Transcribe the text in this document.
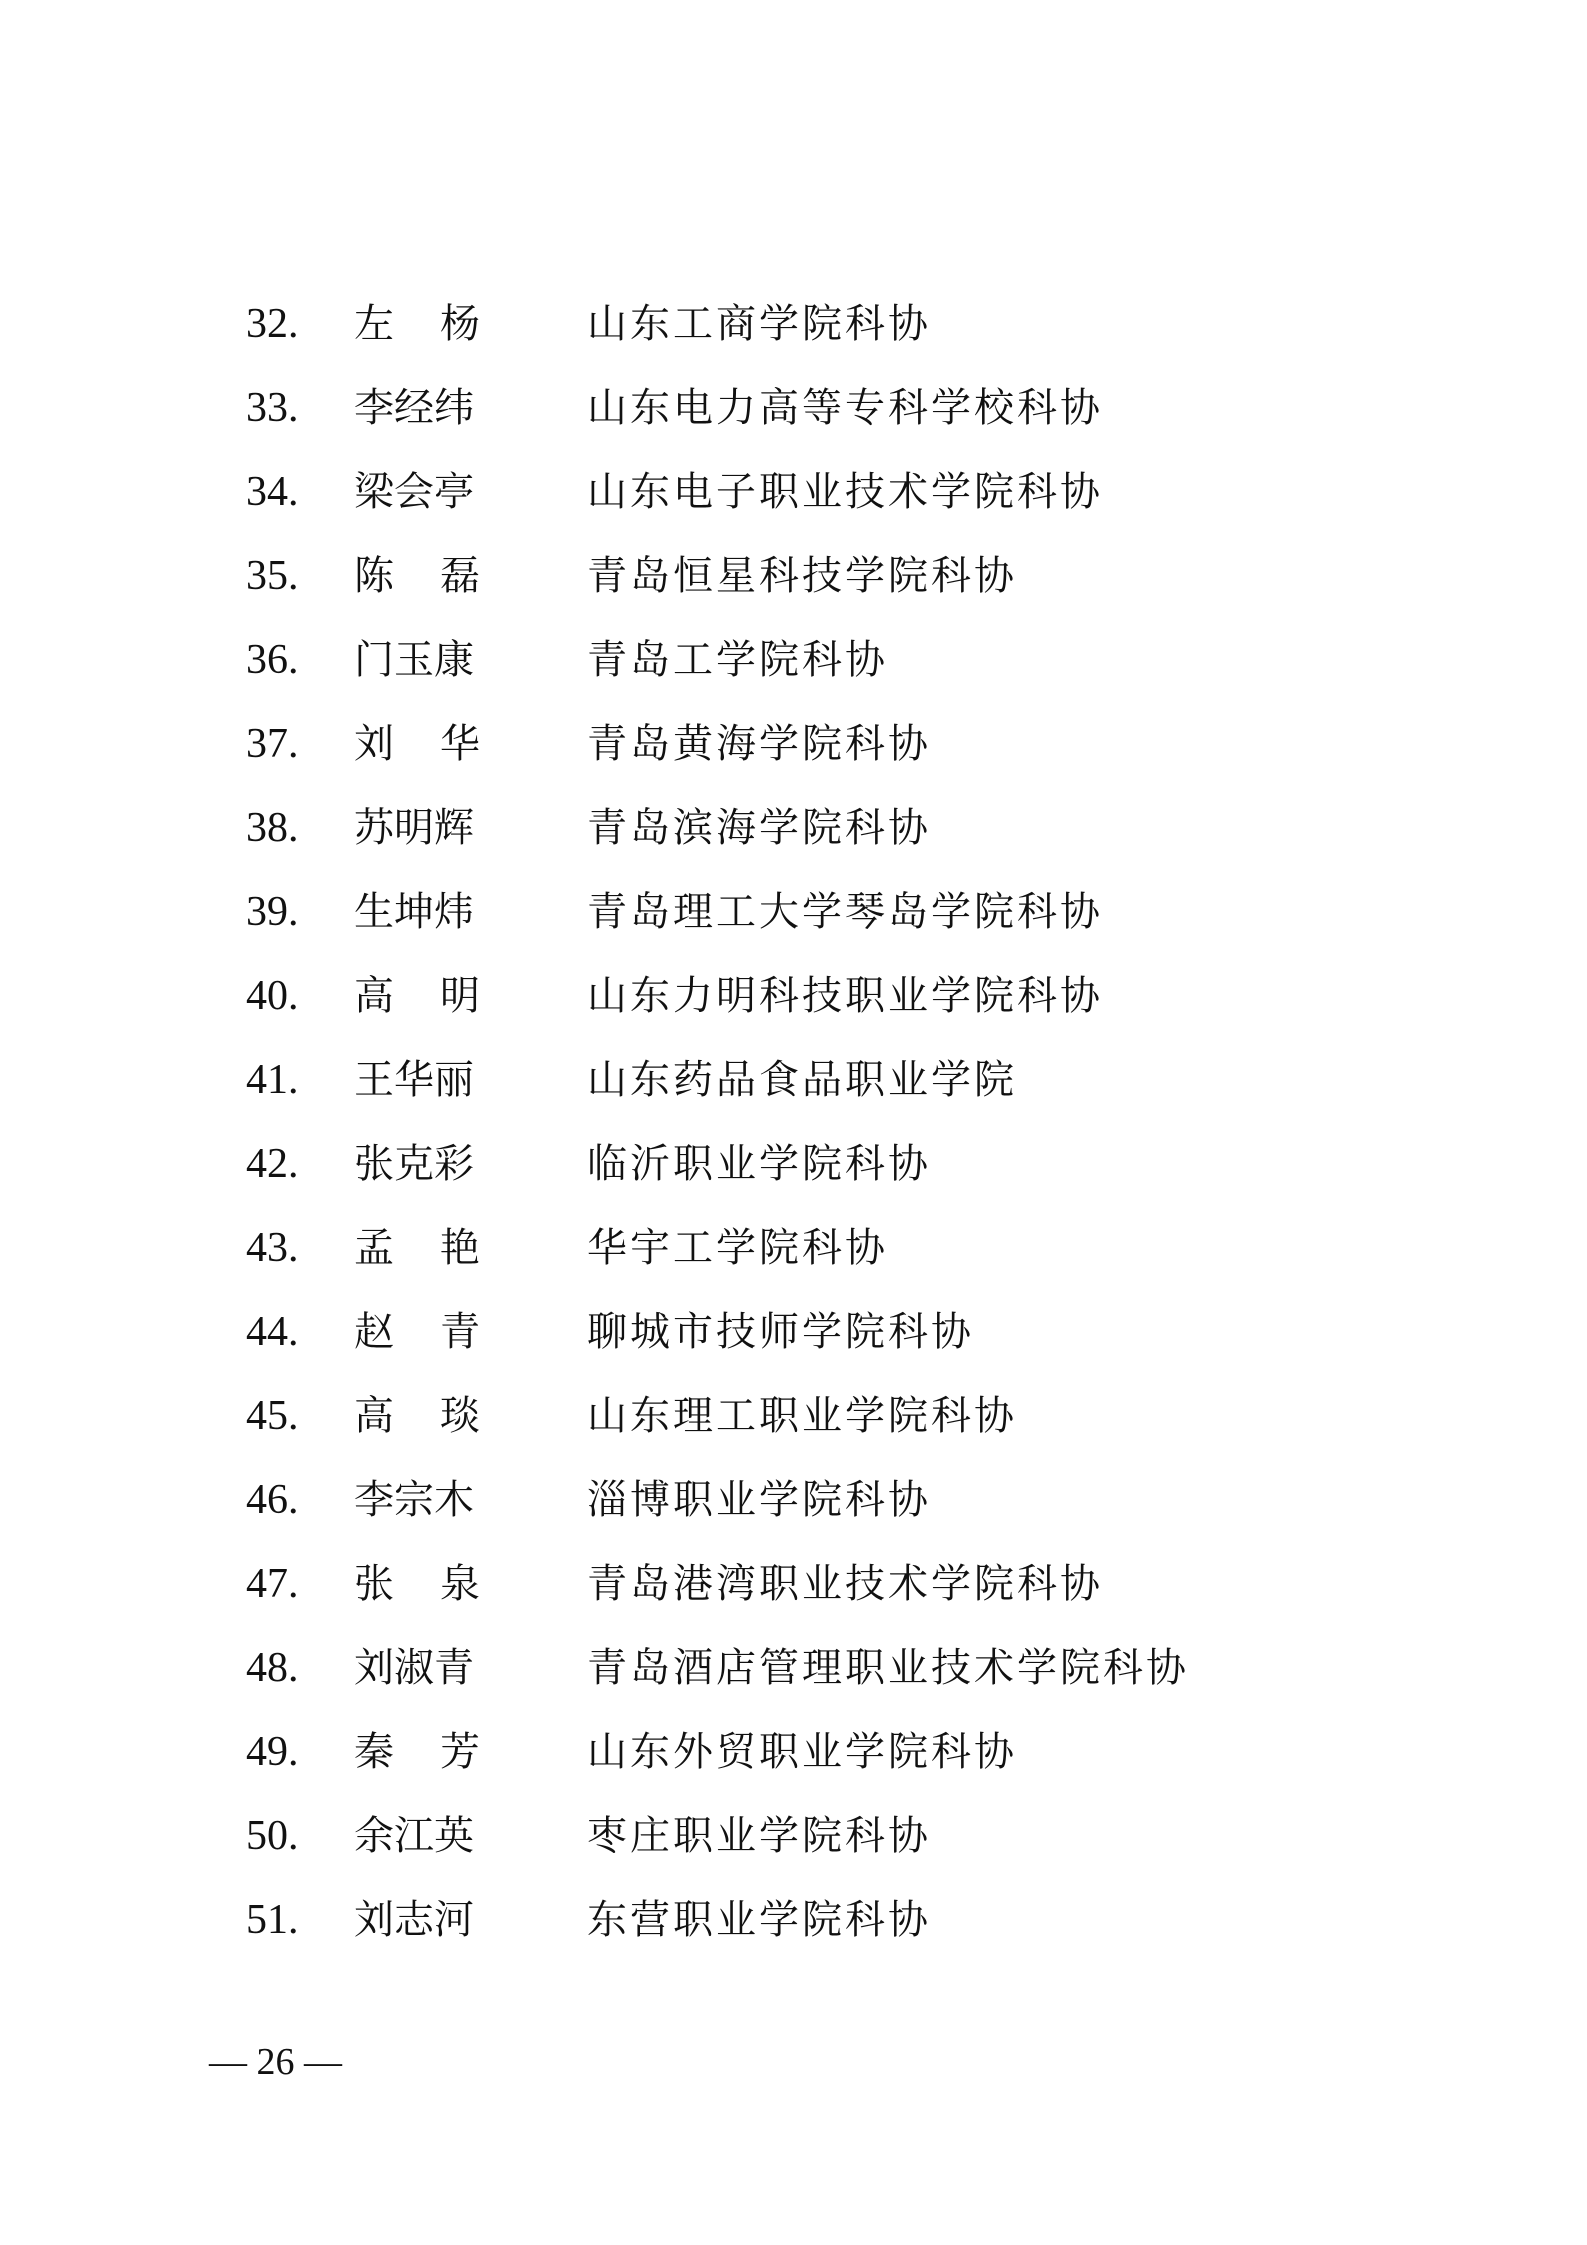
32. 左 杨	山东工商学院科协
33. 李经纬	山东电力高等专科学校科协
34. 梁会亭	山东电子职业技术学院科协
35. 陈 磊	青岛恒星科技学院科协
36. 门玉康	青岛工学院科协
37. 刘 华	青岛黄海学院科协
38. 苏明辉	青岛滨海学院科协
39. 生坤炜	青岛理工大学琴岛学院科协
40. 高 明	山东力明科技职业学院科协
41. 王华丽	山东药品食品职业学院
42. 张克彩	临沂职业学院科协
43. 孟 艳	华宇工学院科协
44. 赵 青	聊城市技师学院科协
45. 高 琰	山东理工职业学院科协
46. 李宗木	淄博职业学院科协
47. 张 泉	青岛港湾职业技术学院科协
48. 刘淑青	青岛酒店管理职业技术学院科协
49. 秦 芳	山东外贸职业学院科协
50. 余江英	枣庄职业学院科协
51. 刘志河	东营职业学院科协
— 26 —
